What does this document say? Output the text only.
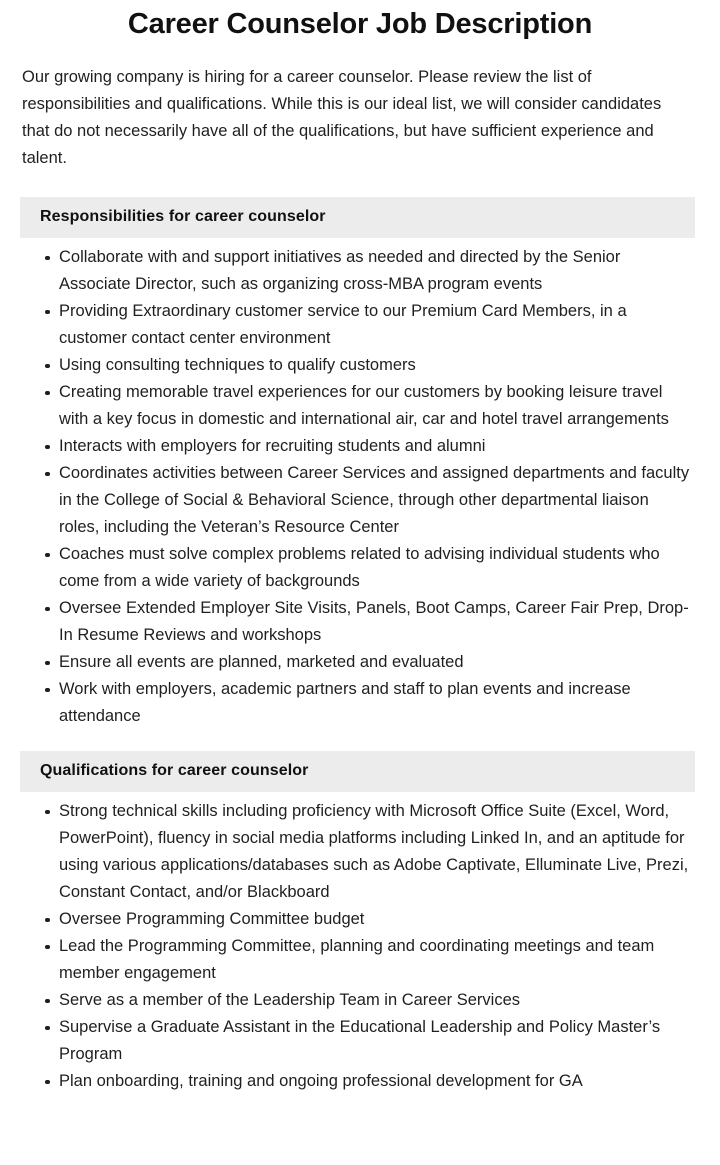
Career Counselor Job Description

Our growing company is hiring for a career counselor. Please review the list of responsibilities and qualifications. While this is our ideal list, we will consider candidates that do not necessarily have all of the qualifications, but have sufficient experience and talent.

Responsibilities for career counselor
Collaborate with and support initiatives as needed and directed by the Senior Associate Director, such as organizing cross-MBA program events
Providing Extraordinary customer service to our Premium Card Members, in a customer contact center environment
Using consulting techniques to qualify customers
Creating memorable travel experiences for our customers by booking leisure travel with a key focus in domestic and international air, car and hotel travel arrangements
Interacts with employers for recruiting students and alumni
Coordinates activities between Career Services and assigned departments and faculty in the College of Social & Behavioral Science, through other departmental liaison roles, including the Veteran’s Resource Center
Coaches must solve complex problems related to advising individual students who come from a wide variety of backgrounds
Oversee Extended Employer Site Visits, Panels, Boot Camps, Career Fair Prep, Drop-In Resume Reviews and workshops
Ensure all events are planned, marketed and evaluated
Work with employers, academic partners and staff to plan events and increase attendance
Qualifications for career counselor
Strong technical skills including proficiency with Microsoft Office Suite (Excel, Word, PowerPoint), fluency in social media platforms including Linked In, and an aptitude for using various applications/databases such as Adobe Captivate, Elluminate Live, Prezi, Constant Contact, and/or Blackboard
Oversee Programming Committee budget
Lead the Programming Committee, planning and coordinating meetings and team member engagement
Serve as a member of the Leadership Team in Career Services
Supervise a Graduate Assistant in the Educational Leadership and Policy Master’s Program
Plan onboarding, training and ongoing professional development for GA
